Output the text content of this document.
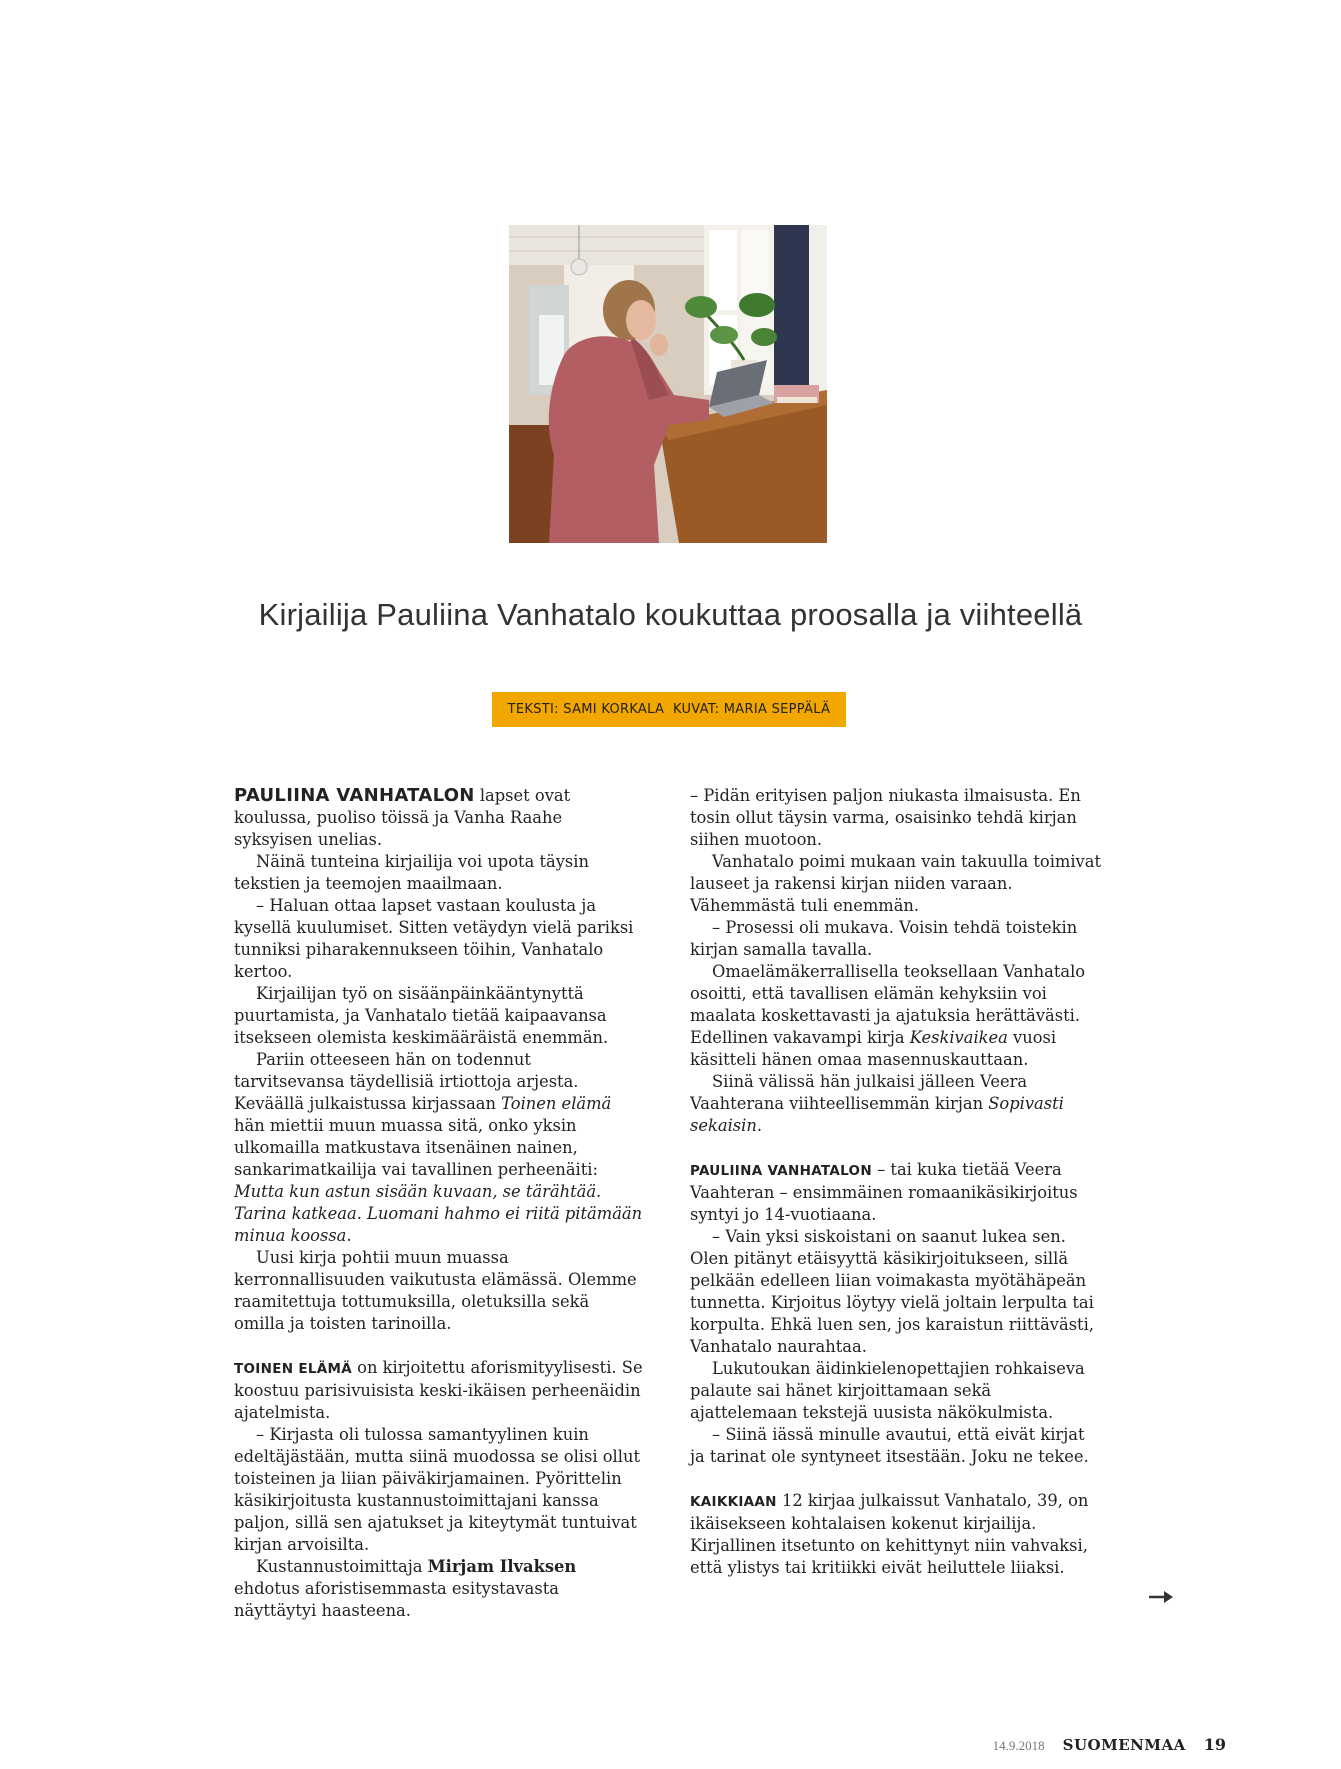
Kirjailija Pauliina Vanhatalo koukuttaa proosalla ja viihteellä
TEKSTI: SAMI KORKALA  KUVAT: MARIA SEPPÄLÄ

PAULIINA VANHATALON lapset ovat koulussa, puoliso töissä ja Vanha Raahe syksyisen unelias.

Näinä tunteina kirjailija voi upota täysin tekstien ja teemojen maailmaan.

– Haluan ottaa lapset vastaan koulusta ja kysellä kuulumiset. Sitten vetäydyn vielä pariksi tunniksi piharakennukseen töihin, Vanhatalo kertoo.

Kirjailijan työ on sisäänpäinkääntynyttä puurtamista, ja Vanhatalo tietää kaipaavansa itsekseen olemista keskimääräistä enemmän.

Pariin otteeseen hän on todennut tarvitsevansa täydellisiä irtiottoja arjesta. Keväällä julkaistussa kirjassaan Toinen elämä hän miettii muun muassa sitä, onko yksin ulkomailla matkustava itsenäinen nainen, sankarimatkailija vai tavallinen perheenäiti: Mutta kun astun sisään kuvaan, se tärähtää. Tarina katkeaa. Luomani hahmo ei riitä pitämään minua koossa.

Uusi kirja pohtii muun muassa kerronnallisuuden vaikutusta elämässä. Olemme raamitettuja tottumuksilla, oletuksilla sekä omilla ja toisten tarinoilla.

TOINEN ELÄMÄ on kirjoitettu aforismityylisesti. Se koostuu parisivuisista keski-ikäisen perheenäidin ajatelmista.

– Kirjasta oli tulossa samantyylinen kuin edeltäjästään, mutta siinä muodossa se olisi ollut toisteinen ja liian päiväkirjamainen. Pyörittelin käsikirjoitusta kustannustoimittajani kanssa paljon, sillä sen ajatukset ja kiteytymät tuntuivat kirjan arvoisilta.

Kustannustoimittaja Mirjam Ilvaksen ehdotus aforistisemmasta esitystavasta näyttäytyi haasteena.

– Pidän erityisen paljon niukasta ilmaisusta. En tosin ollut täysin varma, osaisinko tehdä kirjan siihen muotoon.

Vanhatalo poimi mukaan vain takuulla toimivat lauseet ja rakensi kirjan niiden varaan. Vähemmästä tuli enemmän.

– Prosessi oli mukava. Voisin tehdä toistekin kirjan samalla tavalla.

Omaelämäkerrallisella teoksellaan Vanhatalo osoitti, että tavallisen elämän kehyksiin voi maalata koskettavasti ja ajatuksia herättävästi. Edellinen vakavampi kirja Keskivaikea vuosi käsitteli hänen omaa masennuskauttaan.

Siinä välissä hän julkaisi jälleen Veera Vaahterana viihteellisemmän kirjan Sopivasti sekaisin.

PAULIINA VANHATALON – tai kuka tietää Veera Vaahteran – ensimmäinen romaanikäsikirjoitus syntyi jo 14-vuotiaana.

– Vain yksi siskoistani on saanut lukea sen. Olen pitänyt etäisyyttä käsikirjoitukseen, sillä pelkään edelleen liian voimakasta myötähäpeän tunnetta. Kirjoitus löytyy vielä joltain lerpulta tai korpulta. Ehkä luen sen, jos karaistun riittävästi, Vanhatalo naurahtaa.

Lukutoukan äidinkielenopettajien rohkaiseva palaute sai hänet kirjoittamaan sekä ajattelemaan tekstejä uusista näkökulmista.

– Siinä iässä minulle avautui, että eivät kirjat ja tarinat ole syntyneet itsestään. Joku ne tekee.

KAIKKIAAN 12 kirjaa julkaissut Vanhatalo, 39, on ikäisekseen kohtalaisen kokenut kirjailija. Kirjallinen itsetunto on kehittynyt niin vahvaksi, että ylistys tai kritiikki eivät heiluttele liiaksi.

14.9.2018 SUOMENMAA 19
